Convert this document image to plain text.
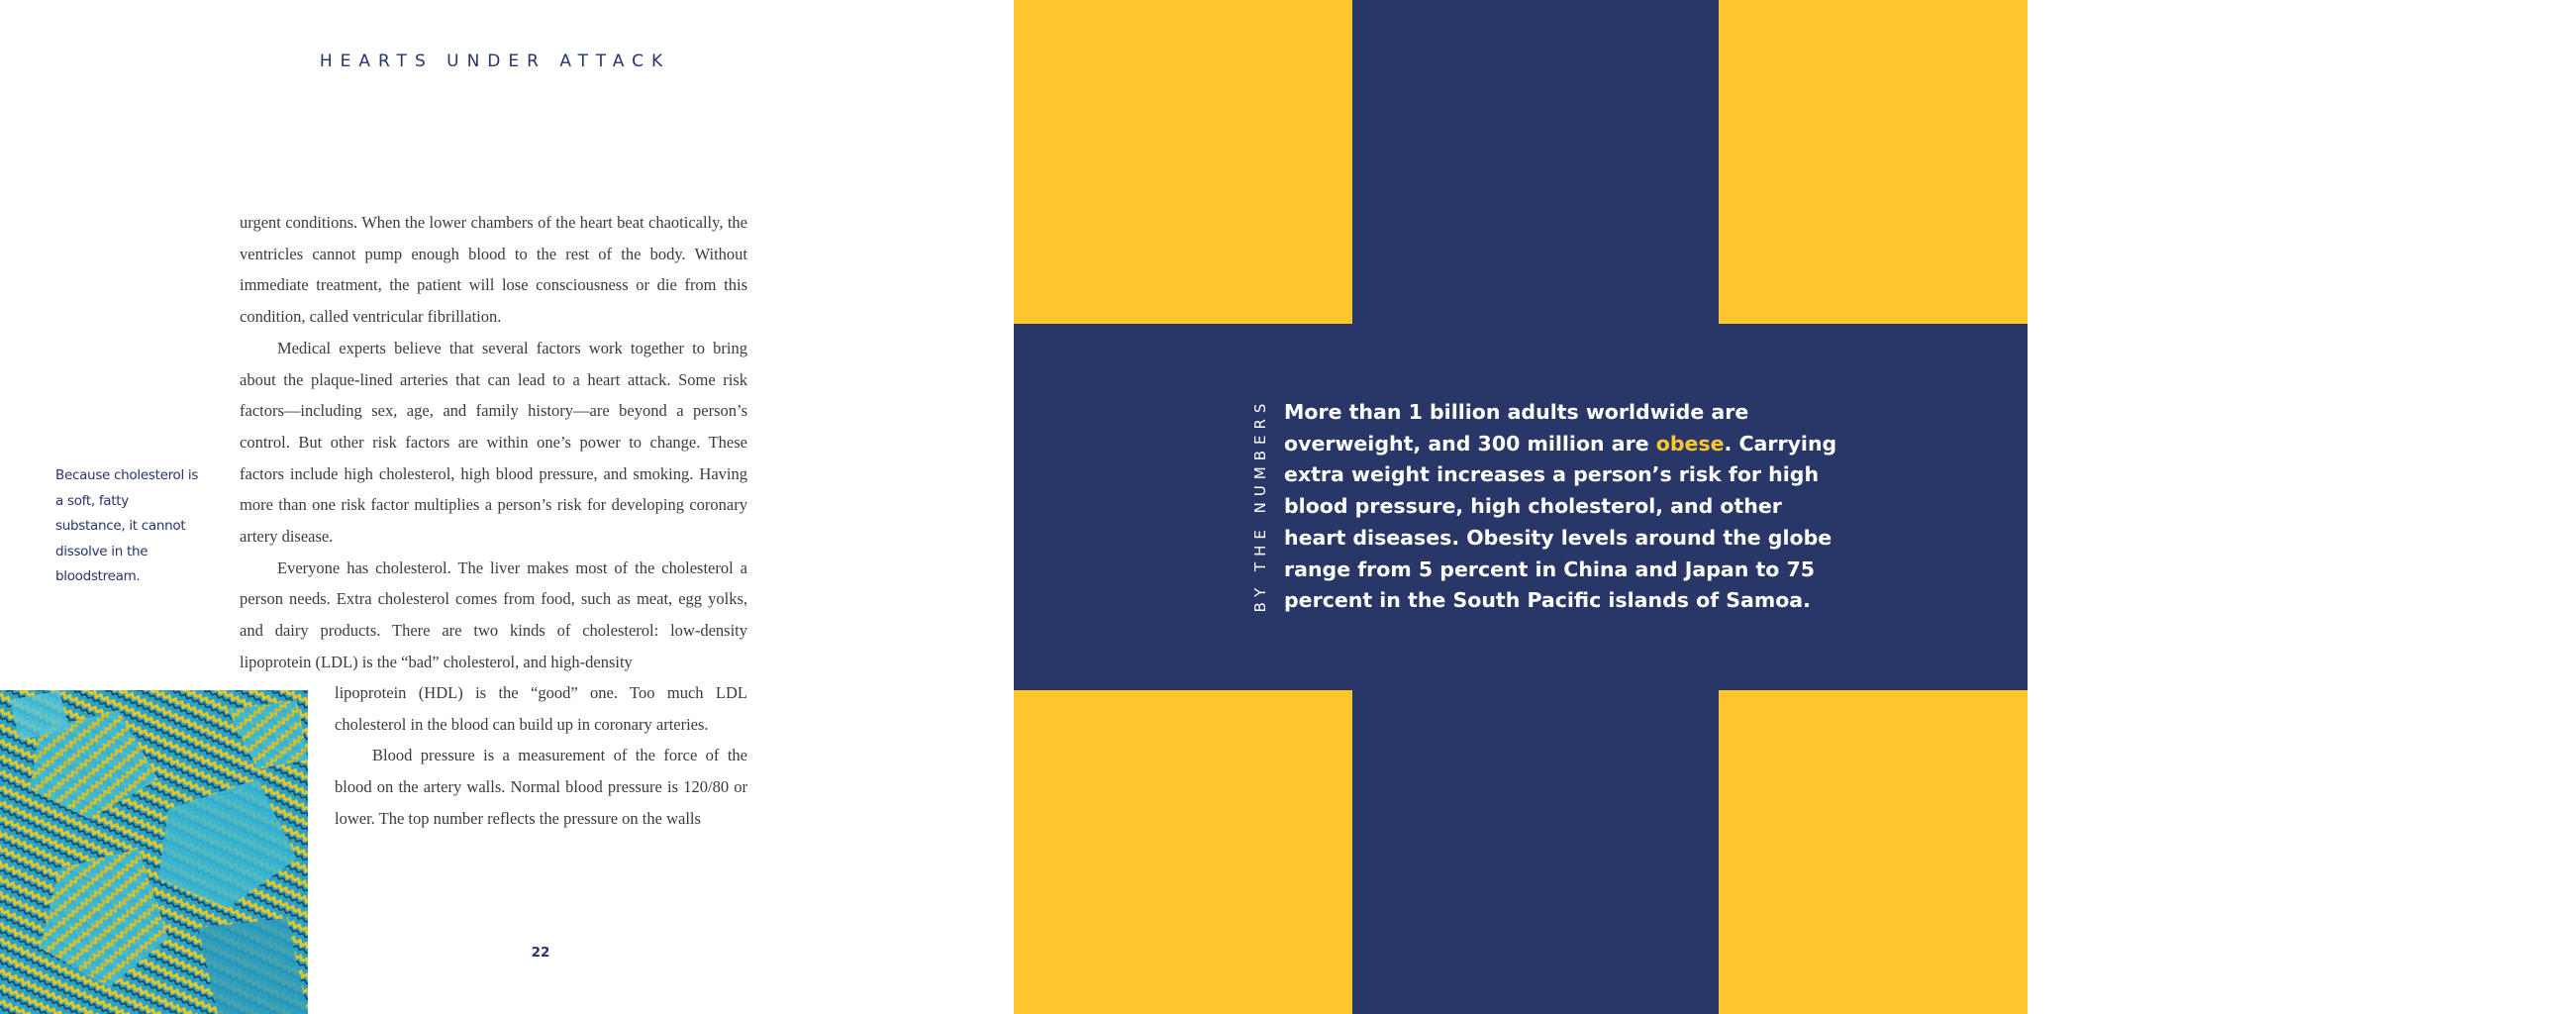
HEARTS UNDER ATTACK

urgent conditions. When the lower chambers of the heart beat chaotically, the ventricles cannot pump enough blood to the rest of the body. Without immediate treatment, the patient will lose consciousness or die from this condition, called ventricular fibrillation.

Medical experts believe that several factors work together to bring about the plaque-lined arteries that can lead to a heart attack. Some risk factors—including sex, age, and family history—are beyond a person’s control. But other risk factors are within one’s power to change. These factors include high cholesterol, high blood pressure, and smoking. Having more than one risk factor multiplies a person’s risk for developing coronary artery disease.

Everyone has cholesterol. The liver makes most of the cholesterol a person needs. Extra cholesterol comes from food, such as meat, egg yolks, and dairy products. There are two kinds of cholesterol: low-density lipoprotein (LDL) is the “bad” cholesterol, and high-density

lipoprotein (HDL) is the “good” one. Too much LDL cholesterol in the blood can build up in coronary arteries.

Blood pressure is a measurement of the force of the blood on the artery walls. Normal blood pressure is 120/80 or lower. The top number reflects the pressure on the walls

Because cholesterol is a soft, fatty substance, it cannot dissolve in the bloodstream.
22
BY THE NUMBERS More than 1 billion adults worldwide are overweight, and 300 million are obese. Carrying extra weight increases a person’s risk for high blood pressure, high cholesterol, and other heart diseases. Obesity levels around the globe range from 5 percent in China and Japan to 75 percent in the South Pacific islands of Samoa.

23
